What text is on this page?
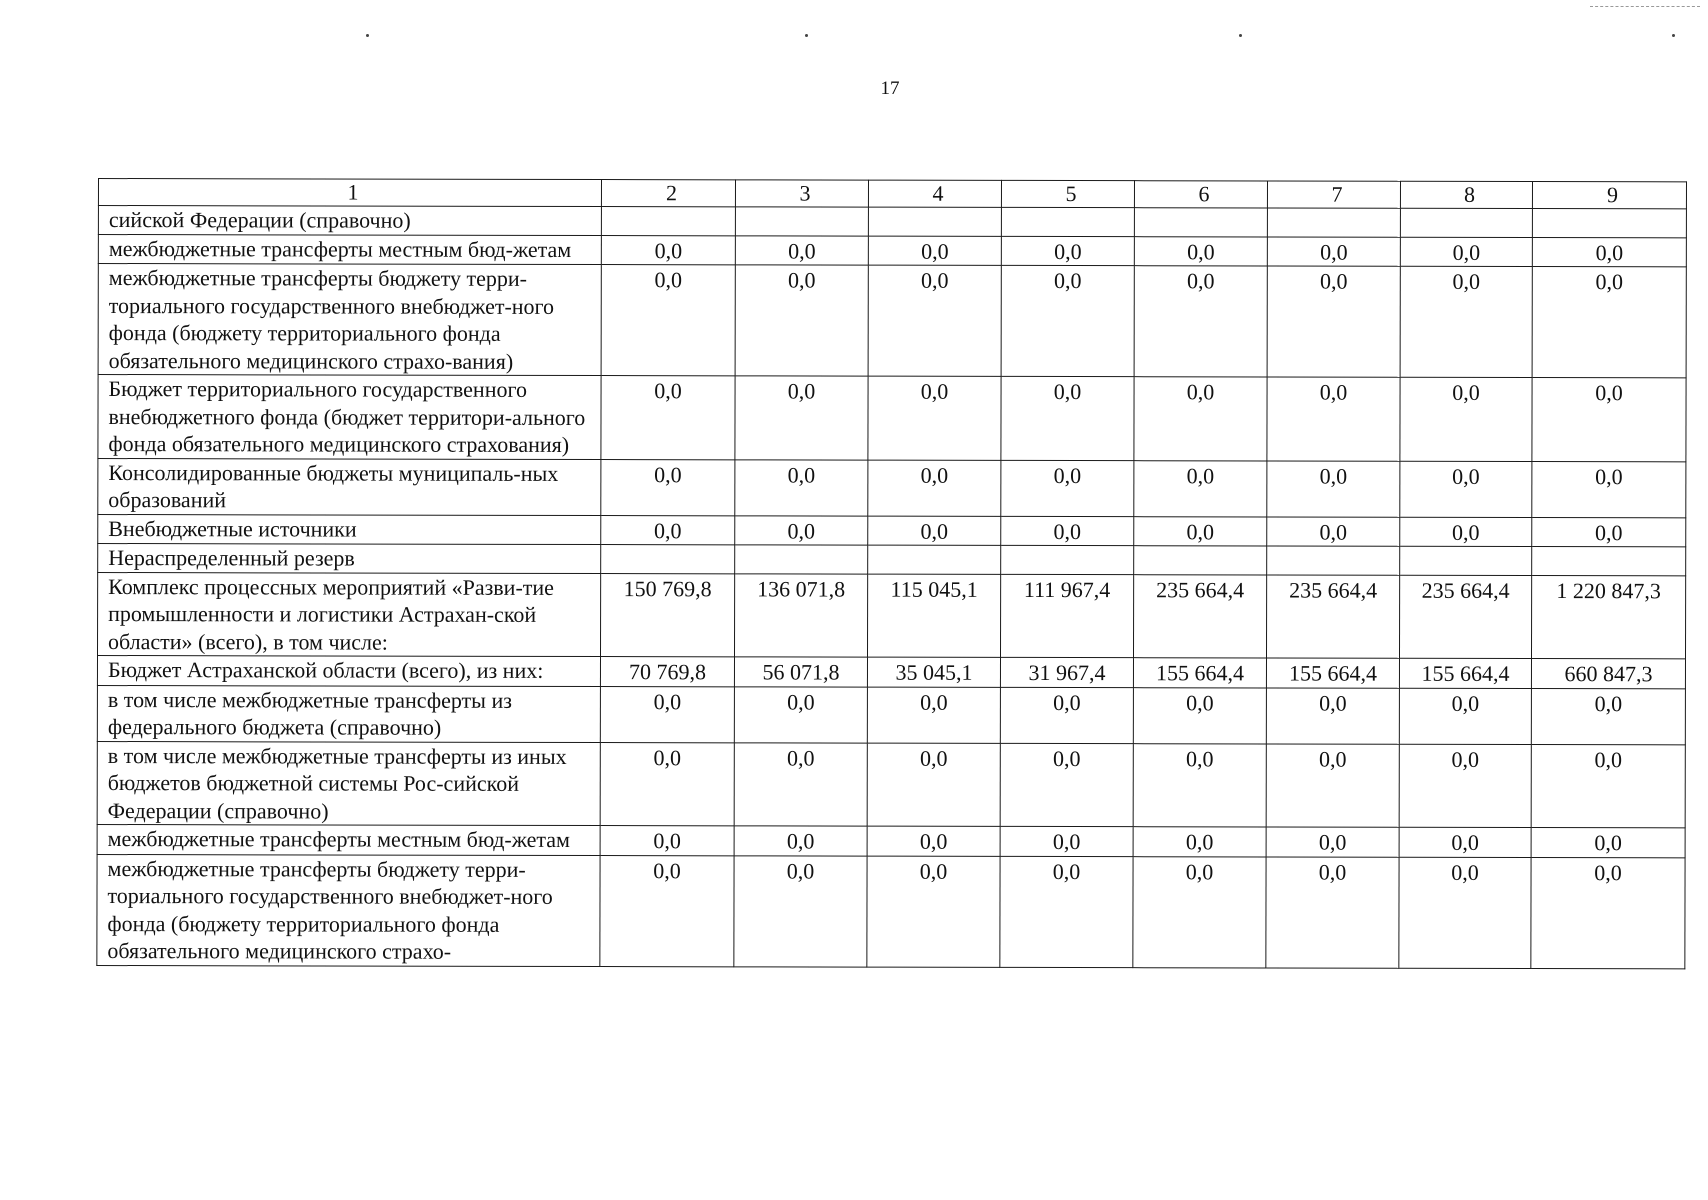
17
1	2	3	4	5	6	7	8	9
сийской Федерации (справочно)								
межбюджетные трансферты местным бюд-жетам	0,0	0,0	0,0	0,0	0,0	0,0	0,0	0,0
межбюджетные трансферты бюджету терри-ториального государственного внебюджет-ного фонда (бюджету территориального фонда обязательного медицинского страхо-вания)	0,0	0,0	0,0	0,0	0,0	0,0	0,0	0,0
Бюджет территориального государственного внебюджетного фонда (бюджет территори-ального фонда обязательного медицинского страхования)	0,0	0,0	0,0	0,0	0,0	0,0	0,0	0,0
Консолидированные бюджеты муниципаль-ных образований	0,0	0,0	0,0	0,0	0,0	0,0	0,0	0,0
Внебюджетные источники	0,0	0,0	0,0	0,0	0,0	0,0	0,0	0,0
Нераспределенный резерв								
Комплекс процессных мероприятий «Разви-тие промышленности и логистики Астрахан-ской области» (всего), в том числе:	150 769,8	136 071,8	115 045,1	111 967,4	235 664,4	235 664,4	235 664,4	1 220 847,3
Бюджет Астраханской области (всего), из них:	70 769,8	56 071,8	35 045,1	31 967,4	155 664,4	155 664,4	155 664,4	660 847,3
в том числе межбюджетные трансферты из федерального бюджета (справочно)	0,0	0,0	0,0	0,0	0,0	0,0	0,0	0,0
в том числе межбюджетные трансферты из иных бюджетов бюджетной системы Рос-сийской Федерации (справочно)	0,0	0,0	0,0	0,0	0,0	0,0	0,0	0,0
межбюджетные трансферты местным бюд-жетам	0,0	0,0	0,0	0,0	0,0	0,0	0,0	0,0
межбюджетные трансферты бюджету терри-ториального государственного внебюджет-ного фонда (бюджету территориального фонда обязательного медицинского страхо-	0,0	0,0	0,0	0,0	0,0	0,0	0,0	0,0
